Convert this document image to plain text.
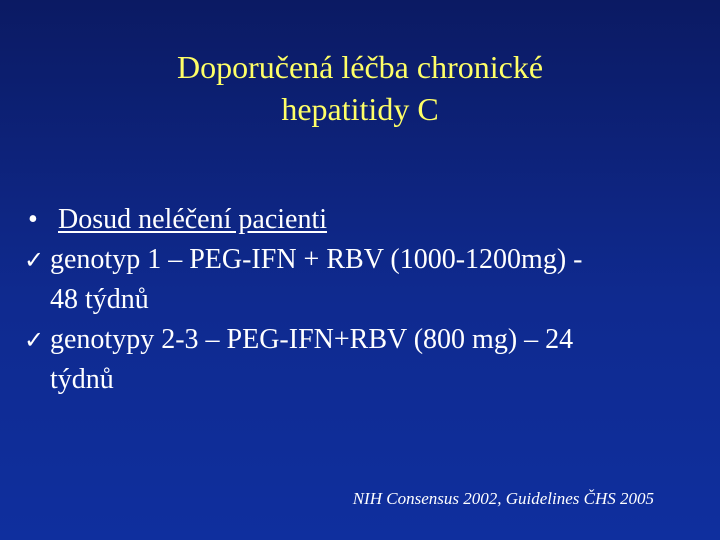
Doporučená léčba chronické
hepatitidy C
• Dosud neléčení pacienti
✓ genotyp 1 – PEG-IFN + RBV (1000-1200mg) -
48 týdnů
✓ genotypy 2-3 – PEG-IFN+RBV (800 mg) – 24
týdnů
NIH Consensus 2002, Guidelines ČHS 2005
